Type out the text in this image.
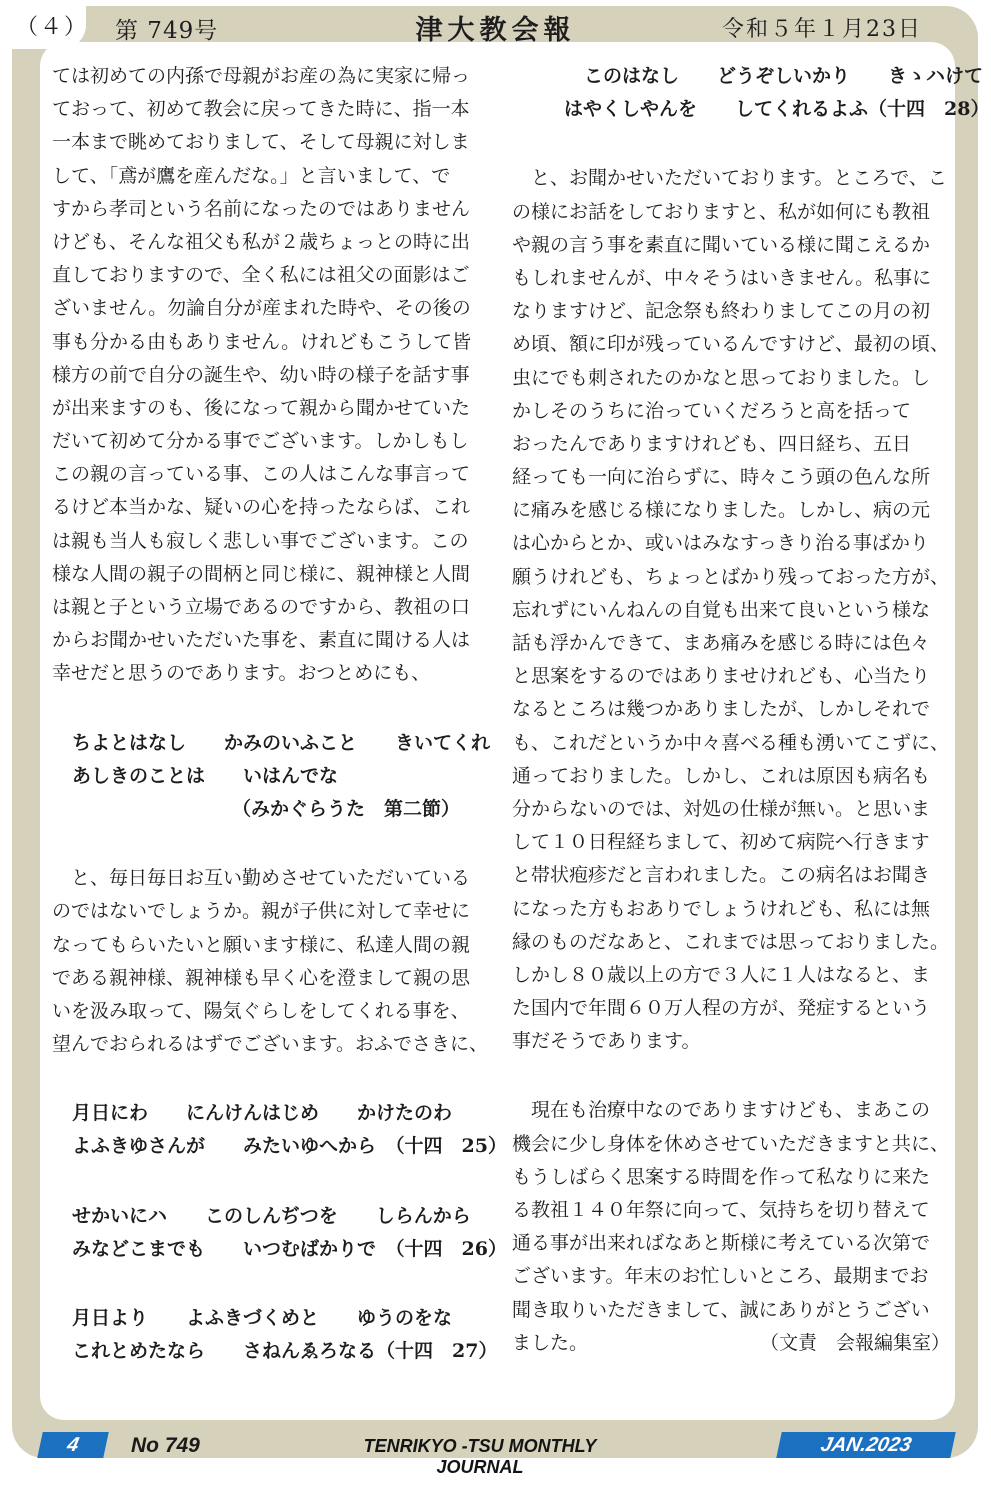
（４） 第 749号	津大教会報	令和５年１月23日
ては初めての内孫で母親がお産の為に実家に帰っ
ておって、初めて教会に戻ってきた時に、指一本
一本まで眺めておりまして、そして母親に対しま
して、「鳶が鷹を産んだな。」と言いまして、で
すから孝司という名前になったのではありません
けども、そんな祖父も私が２歳ちょっとの時に出
直しておりますので、全く私には祖父の面影はご
ざいません。勿論自分が産まれた時や、その後の
事も分かる由もありません。けれどもこうして皆
様方の前で自分の誕生や、幼い時の様子を話す事
が出来ますのも、後になって親から聞かせていた
だいて初めて分かる事でございます。しかしもし
この親の言っている事、この人はこんな事言って
るけど本当かな、疑いの心を持ったならば、これ
は親も当人も寂しく悲しい事でございます。この
様な人間の親子の間柄と同じ様に、親神様と人間
は親と子という立場であるのですから、教祖の口
からお聞かせいただいた事を、素直に聞ける人は
幸せだと思うのであります。おつとめにも、
ちよとはなし　　かみのいふこと　　きいてくれ
あしきのことは　　いはんでな
（みかぐらうた　第二節）
　と、毎日毎日お互い勤めさせていただいている
のではないでしょうか。親が子供に対して幸せに
なってもらいたいと願います様に、私達人間の親
である親神様、親神様も早く心を澄まして親の思
いを汲み取って、陽気ぐらしをしてくれる事を、
望んでおられるはずでございます。おふでさきに、
月日にわ　　にんけんはじめ　　かけたのわ
よふきゆさんが　　みたいゆへから　（十四　25）
せかいにハ　　このしんぢつを　　しらんから
みなどこまでも　　いつむばかりで　（十四　26）
月日より　　よふきづくめと　　ゆうのをな
これとめたなら　　さねんゑろなる（十四　27）
このはなし　　どうぞしいかり　　きゝハけて
はやくしやんを　　してくれるよふ（十四　28）
　と、お聞かせいただいております。ところで、こ
の様にお話をしておりますと、私が如何にも教祖
や親の言う事を素直に聞いている様に聞こえるか
もしれませんが、中々そうはいきません。私事に
なりますけど、記念祭も終わりましてこの月の初
め頃、額に印が残っているんですけど、最初の頃、
虫にでも刺されたのかなと思っておりました。し
かしそのうちに治っていくだろうと高を括って
おったんでありますけれども、四日経ち、五日
経っても一向に治らずに、時々こう頭の色んな所
に痛みを感じる様になりました。しかし、病の元
は心からとか、或いはみなすっきり治る事ばかり
願うけれども、ちょっとばかり残っておった方が、
忘れずにいんねんの自覚も出来て良いという様な
話も浮かんできて、まあ痛みを感じる時には色々
と思案をするのではありませけれども、心当たり
なるところは幾つかありましたが、しかしそれで
も、これだというか中々喜べる種も湧いてこずに、
通っておりました。しかし、これは原因も病名も
分からないのでは、対処の仕様が無い。と思いま
して１０日程経ちまして、初めて病院へ行きます
と帯状疱疹だと言われました。この病名はお聞き
になった方もおありでしょうけれども、私には無
縁のものだなあと、これまでは思っておりました。
しかし８０歳以上の方で３人に１人はなると、ま
た国内で年間６０万人程の方が、発症するという
事だそうであります。
　現在も治療中なのでありますけども、まあこの
機会に少し身体を休めさせていただきますと共に、
もうしばらく思案する時間を作って私なりに来た
る教祖１４０年祭に向って、気持ちを切り替えて
通る事が出来ればなあと斯様に考えている次第で
ございます。年末のお忙しいところ、最期までお
聞き取りいただきまして、誠にありがとうござい
ました。	（文責　会報編集室）
4	No 749	TENRIKYO -TSU MONTHLY JOURNAL
JAN.2023
